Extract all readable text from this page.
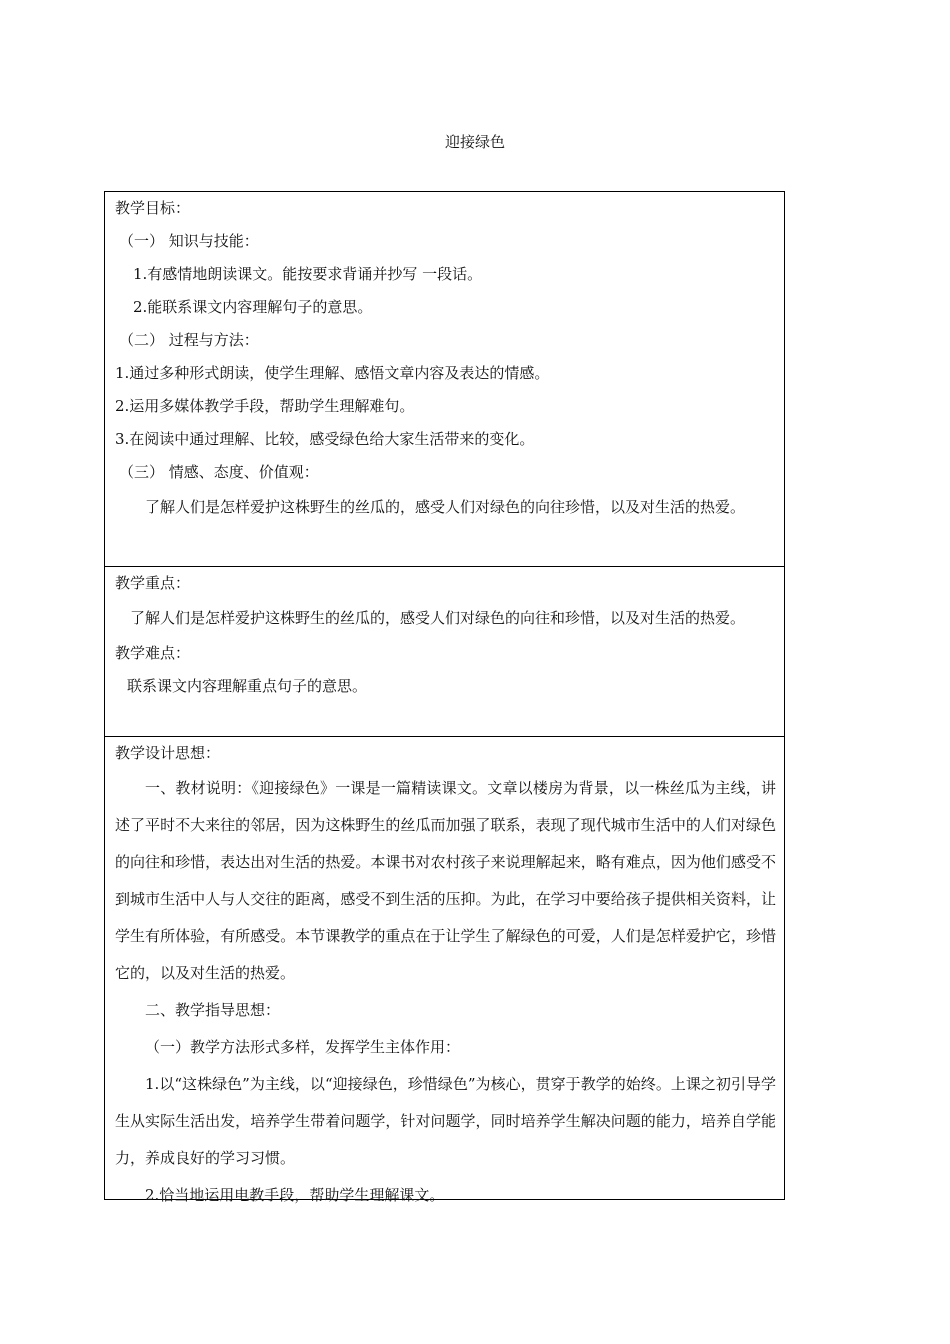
迎接绿色
教学目标：
（一） 知识与技能：
1.有感情地朗读课文。能按要求背诵并抄写 一段话。
2.能联系课文内容理解句子的意思。
（二） 过程与方法：
1.通过多种形式朗读，使学生理解、感悟文章内容及表达的情感。
2.运用多媒体教学手段，帮助学生理解难句。
3.在阅读中通过理解、比较，感受绿色给大家生活带来的变化。
（三） 情感、态度、价值观：
了解人们是怎样爱护这株野生的丝瓜的，感受人们对绿色的向往珍惜，以及对生活的热爱。
教学重点：
了解人们是怎样爱护这株野生的丝瓜的，感受人们对绿色的向往和珍惜，以及对生活的热爱。
教学难点：
联系课文内容理解重点句子的意思。
教学设计思想：
一、教材说明：《迎接绿色》一课是一篇精读课文。文章以楼房为背景，以一株丝瓜为主线，讲述了平时不大来往的邻居，因为这株野生的丝瓜而加强了联系，表现了现代城市生活中的人们对绿色的向往和珍惜，表达出对生活的热爱。本课书对农村孩子来说理解起来，略有难点，因为他们感受不到城市生活中人与人交往的距离，感受不到生活的压抑。为此，在学习中要给孩子提供相关资料，让学生有所体验，有所感受。本节课教学的重点在于让学生了解绿色的可爱，人们是怎样爱护它，珍惜它的，以及对生活的热爱。
二、教学指导思想：
（一）教学方法形式多样，发挥学生主体作用：
1.以“这株绿色”为主线，以“迎接绿色，珍惜绿色”为核心，贯穿于教学的始终。上课之初引导学生从实际生活出发，培养学生带着问题学，针对问题学，同时培养学生解决问题的能力，培养自学能力，养成良好的学习习惯。
2.恰当地运用电教手段，帮助学生理解课文。
